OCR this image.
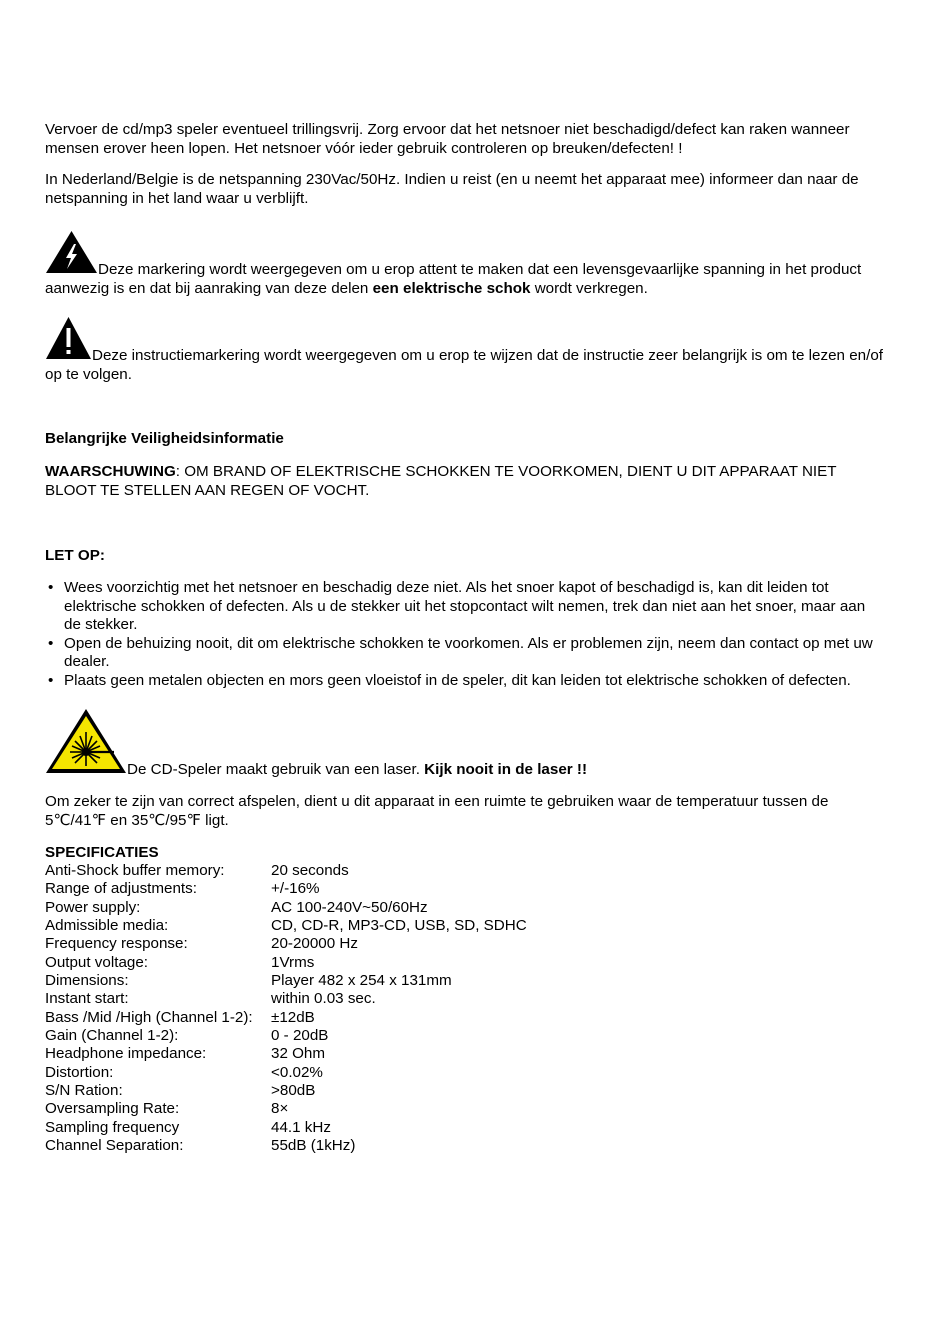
Vervoer de cd/mp3 speler eventueel trillingsvrij. Zorg ervoor dat het netsnoer niet beschadigd/defect kan raken wanneer mensen erover heen lopen. Het netsnoer vóór ieder gebruik controleren op breuken/defecten! !

In Nederland/Belgie is de netspanning 230Vac/50Hz. Indien u reist (en u neemt het apparaat mee) informeer dan naar de netspanning in het land waar u verblijft.

Deze markering wordt weergegeven om u erop attent te maken dat een levensgevaarlijke spanning in het product aanwezig is en dat bij aanraking van deze delen een elektrische schok wordt verkregen.

Deze instructiemarkering wordt weergegeven om u erop te wijzen dat de instructie zeer belangrijk is om te lezen en/of op te volgen.

Belangrijke Veiligheidsinformatie

WAARSCHUWING: OM BRAND OF ELEKTRISCHE SCHOKKEN TE VOORKOMEN, DIENT U DIT APPARAAT NIET BLOOT TE STELLEN AAN REGEN OF VOCHT.

LET OP:

• Wees voorzichtig met het netsnoer en beschadig deze niet. Als het snoer kapot of beschadigd is, kan dit leiden tot elektrische schokken of defecten. Als u de stekker uit het stopcontact wilt nemen, trek dan niet aan het snoer, maar aan de stekker.
• Open de behuizing nooit, dit om elektrische schokken te voorkomen. Als er problemen zijn, neem dan contact op met uw dealer.
• Plaats geen metalen objecten en mors geen vloeistof in de speler, dit kan leiden tot elektrische schokken of defecten.

De CD-Speler maakt gebruik van een laser. Kijk nooit in de laser !!

Om zeker te zijn van correct afspelen, dient u dit apparaat in een ruimte te gebruiken waar de temperatuur tussen de 5℃/41℉ en 35℃/95℉ ligt.

SPECIFICATIES

Anti-Shock buffer memory:	20 seconds
Range of adjustments:	+/-16%
Power supply:	AC 100-240V~50/60Hz
Admissible media:	CD, CD-R, MP3-CD, USB, SD, SDHC
Frequency response:	20-20000 Hz
Output voltage:	1Vrms
Dimensions:	Player 482 x 254 x 131mm
Instant start:	within 0.03 sec.
Bass /Mid /High (Channel 1-2):	±12dB
Gain (Channel 1-2):	0 - 20dB
Headphone impedance:	32 Ohm
Distortion:	<0.02%
S/N Ration:	>80dB
Oversampling Rate:	8×
Sampling frequency	44.1 kHz
Channel Separation:	55dB (1kHz)
